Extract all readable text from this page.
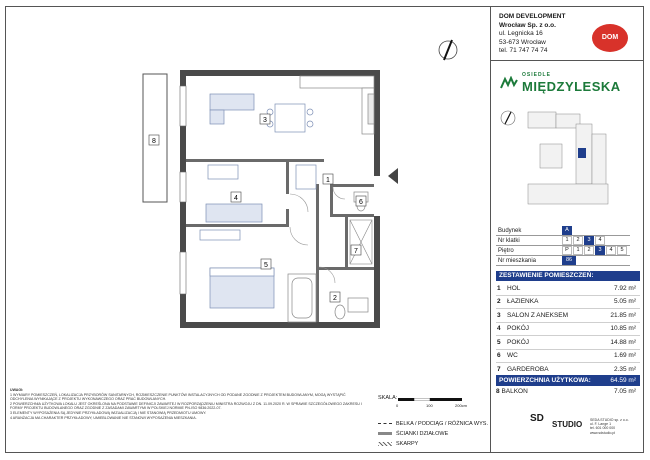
8
3
1
4
6
7
5
2
DOM DEVELOPMENT
Wrocław Sp. z o.o.
ul. Legnicka 16
53-673 Wrocław
tel. 71 747 74 74
DOM
OSIEDLE
MIĘDZYLESKA
Budynek	A
Nr klatki	1 2 3 4
Piętro	P 1 2 3 4 5
Nr mieszkania	86
ZESTAWIENIE POMIESZCZEŃ:
1	HOL	7.92 m²
2	ŁAZIENKA	5.05 m²
3	SALON Z ANEKSEM	21.85 m²
4	POKÓJ	10.85 m²
5	POKÓJ	14.88 m²
6	WC	1.69 m²
7	GARDEROBA	2.35 m²
POWIERZCHNIA UŻYTKOWA:	64.59 m²
8 BALKON	7.05 m²
UWAGI:
1 WYMIARY POMIESZCZEŃ, LOKALIZACJA PRZYBORÓW SANITARNYCH, ROZMIESZCZENIE PUNKTÓW INSTALACYJNYCH OD PODANE ZGODNIE Z PROJEKTEM BUDOWLANYM, MOGĄ WYSTĄPIĆ ODCHYLENIA WYNIKAJĄCE Z PROJEKTU WYKONAWCZEGO ORAZ PRAC BUDOWLANYCH.
2 POWIERZCHNIA UŻYTKOWA LOKALU JEST OKREŚLONA NA PODSTAWIE DEFINICJI ZAWARTEJ W ROZPORZĄDZENIU MINISTRA ROZWOJU Z DN. 11.09.2020 R. W SPRAWIE SZCZEGÓŁOWEGO ZAKRESU I FORMY PROJEKTU BUDOWLANEGO ORAZ ZGODNIE Z ZASADAMI ZAWARTYMI W POLSKIEJ NORMIE PN-ISO 9836:2022-07.
3 ELEMENTY WYPOSAŻENIA SĄ JEDYNIE PRZYKŁADOWĄ WIZUALIZACJĄ I NIE STANOWIĄ PRZEDMIOTU UMOWY.
4 ARANŻACJA MA CHARAKTER PRZYKŁADOWY, UMIEBLOWANIE NIE STANOWI WYPOSAŻENIA MIESZKANIA.
SKALA:
0	100	200cm
BELKA / PODCIĄG / RÓŻNICA WYS.
ŚCIANKI DZIAŁOWE
SKARPY
SD
STUDIO SEDA STUDIO sp. z o.o.
ul. F. Lange 1
tel. 601 000 000
www.sdstudio.pl
